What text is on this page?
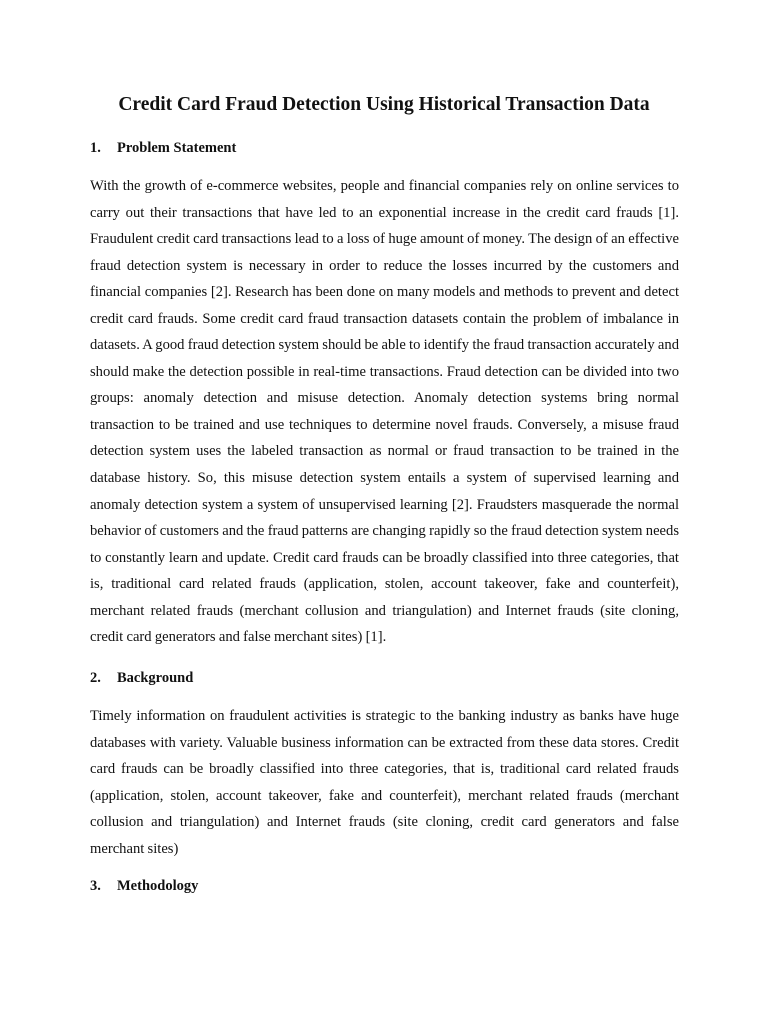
Credit Card Fraud Detection Using Historical Transaction Data
1. Problem Statement

With the growth of e-commerce websites, people and financial companies rely on online services to carry out their transactions that have led to an exponential increase in the credit card frauds [1]. Fraudulent credit card transactions lead to a loss of huge amount of money. The design of an effective fraud detection system is necessary in order to reduce the losses incurred by the customers and financial companies [2]. Research has been done on many models and methods to prevent and detect credit card frauds. Some credit card fraud transaction datasets contain the problem of imbalance in datasets. A good fraud detection system should be able to identify the fraud transaction accurately and should make the detection possible in real-time transactions. Fraud detection can be divided into two groups: anomaly detection and misuse detection. Anomaly detection systems bring normal transaction to be trained and use techniques to determine novel frauds. Conversely, a misuse fraud detection system uses the labeled transaction as normal or fraud transaction to be trained in the database history. So, this misuse detection system entails a system of supervised learning and anomaly detection system a system of unsupervised learning [2]. Fraudsters masquerade the normal behavior of customers and the fraud patterns are changing rapidly so the fraud detection system needs to constantly learn and update. Credit card frauds can be broadly classified into three categories, that is, traditional card related frauds (application, stolen, account takeover, fake and counterfeit), merchant related frauds (merchant collusion and triangulation) and Internet frauds (site cloning, credit card generators and false merchant sites) [1].

2. Background

Timely information on fraudulent activities is strategic to the banking industry as banks have huge databases with variety. Valuable business information can be extracted from these data stores. Credit card frauds can be broadly classified into three categories, that is, traditional card related frauds (application, stolen, account takeover, fake and counterfeit), merchant related frauds (merchant collusion and triangulation) and Internet frauds (site cloning, credit card generators and false merchant sites)

3. Methodology
